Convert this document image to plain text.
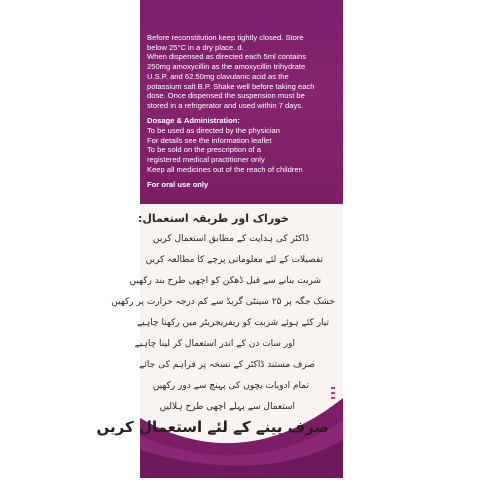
Before reconstitution keep tightly closed. Store
below 25°C in a dry place. d.
When dispensed as directed each 5ml contains
250mg amoxycillin as the amoxycillin trihydrate
U.S.P. and 62.50mg clavulanic acid as the
potassium salt B.P. Shake well before taking each
dose. Once dispensed the suspension must be
stored in a refrigerator and used within 7 days.
Dosage & Administration:
To be used as directed by the physician
For details see the information leaflet
To be sold on the prescription of a
registered medical practitioner only
Keep all medicines out of the reach of children
For oral use only
خوراک اور طریقہ استعمال:
ڈاکٹر کی ہدایت کے مطابق استعمال کریں
تفصیلات کے لئے معلوماتی پرچے کا مطالعہ کریں
شربت بنانے سے قبل ڈھکن کو اچھی طرح بند رکھیں
خشک جگہ پر ۲۵ سینٹی گریڈ سے کم درجہ حرارت پر رکھیں
تیار کئے ہوئے شربت کو ریفریجریٹر میں رکھنا چاہیے
اور سات دن کے اندر استعمال کر لینا چاہیے
صرف مستند ڈاکٹر کے نسخہ پر فراہم کی جائے
تمام ادویات بچوں کی پہنچ سے دور رکھیں
استعمال سے پہلے اچھی طرح ہلالیں
صرف پینے کے لئے استعمال کریں
